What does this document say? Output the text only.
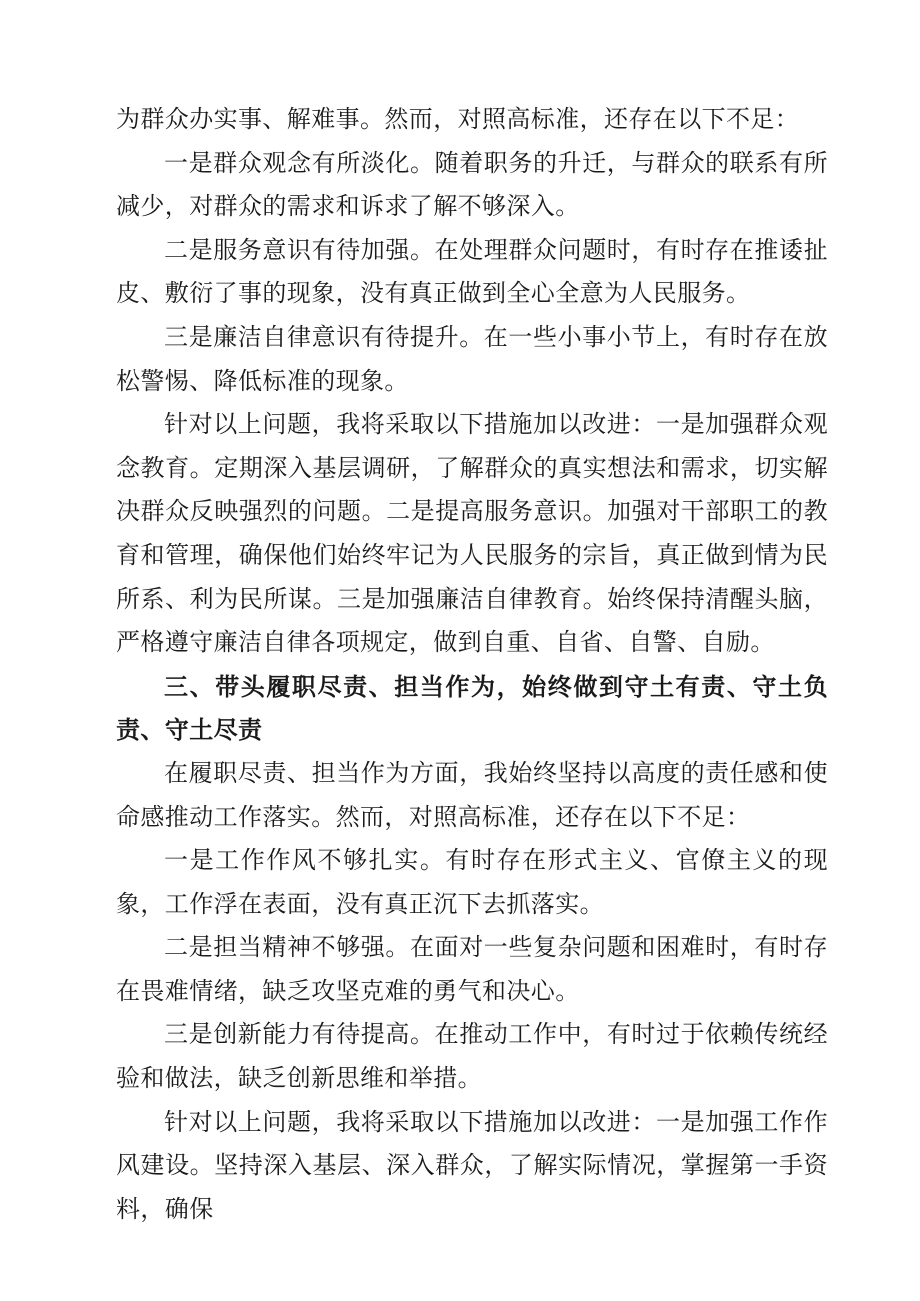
为群众办实事、解难事。然而，对照高标准，还存在以下不足：

一是群众观念有所淡化。随着职务的升迁，与群众的联系有所减少，对群众的需求和诉求了解不够深入。

二是服务意识有待加强。在处理群众问题时，有时存在推诿扯皮、敷衍了事的现象，没有真正做到全心全意为人民服务。

三是廉洁自律意识有待提升。在一些小事小节上，有时存在放松警惕、降低标准的现象。

针对以上问题，我将采取以下措施加以改进：一是加强群众观念教育。定期深入基层调研，了解群众的真实想法和需求，切实解决群众反映强烈的问题。二是提高服务意识。加强对干部职工的教育和管理，确保他们始终牢记为人民服务的宗旨，真正做到情为民所系、利为民所谋。三是加强廉洁自律教育。始终保持清醒头脑，严格遵守廉洁自律各项规定，做到自重、自省、自警、自励。

三、带头履职尽责、担当作为，始终做到守土有责、守土负责、守土尽责

在履职尽责、担当作为方面，我始终坚持以高度的责任感和使命感推动工作落实。然而，对照高标准，还存在以下不足：

一是工作作风不够扎实。有时存在形式主义、官僚主义的现象，工作浮在表面，没有真正沉下去抓落实。

二是担当精神不够强。在面对一些复杂问题和困难时，有时存在畏难情绪，缺乏攻坚克难的勇气和决心。

三是创新能力有待提高。在推动工作中，有时过于依赖传统经验和做法，缺乏创新思维和举措。

针对以上问题，我将采取以下措施加以改进：一是加强工作作风建设。坚持深入基层、深入群众，了解实际情况，掌握第一手资料，确保
